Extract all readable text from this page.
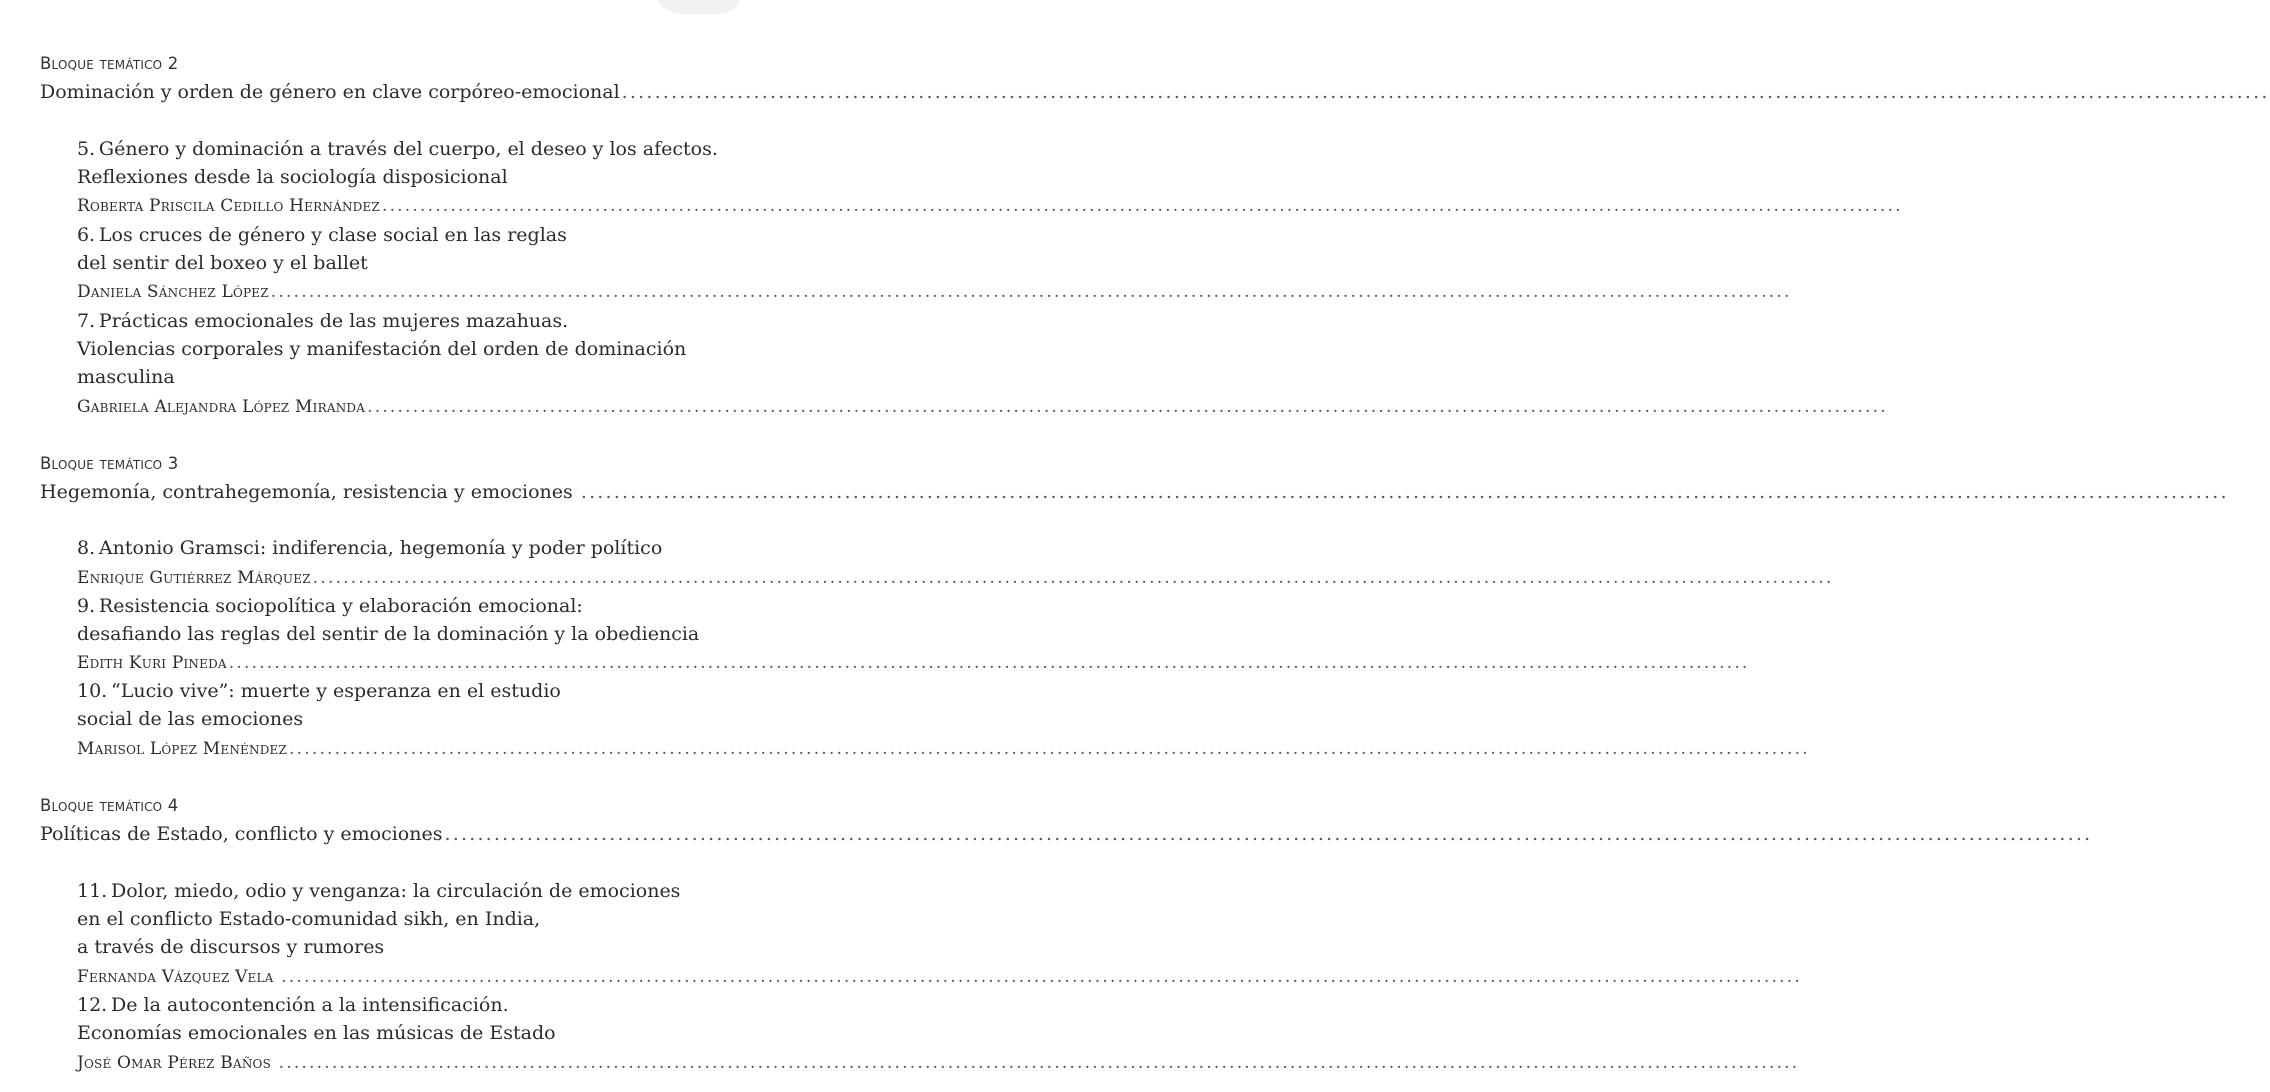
Bloque temático 2
Dominación y orden de género en clave corpóreo-emocional ........................................................................................................................................................................................................
5. Género y dominación a través del cuerpo, el deseo y los afectos.
Reflexiones desde la sociología disposicional
Roberta Priscila Cedillo Hernández ........................................................................................................................................................................................................
6. Los cruces de género y clase social en las reglas
del sentir del boxeo y el ballet
Daniela Sánchez López ........................................................................................................................................................................................................
7. Prácticas emocionales de las mujeres mazahuas.
Violencias corporales y manifestación del orden de dominación
masculina
Gabriela Alejandra López Miranda ........................................................................................................................................................................................................
Bloque temático 3
Hegemonía, contrahegemonía, resistencia y emociones ........................................................................................................................................................................................................
8. Antonio Gramsci: indiferencia, hegemonía y poder político
Enrique Gutiérrez Márquez ........................................................................................................................................................................................................
9. Resistencia sociopolítica y elaboración emocional:
desafiando las reglas del sentir de la dominación y la obediencia
Edith Kuri Pineda ........................................................................................................................................................................................................
10. “Lucio vive”: muerte y esperanza en el estudio
social de las emociones
Marisol López Menéndez ........................................................................................................................................................................................................
Bloque temático 4
Políticas de Estado, conflicto y emociones ........................................................................................................................................................................................................
11. Dolor, miedo, odio y venganza: la circulación de emociones
en el conflicto Estado-comunidad sikh, en India,
a través de discursos y rumores
Fernanda Vázquez Vela ........................................................................................................................................................................................................
12. De la autocontención a la intensificación.
Economías emocionales en las músicas de Estado
José Omar Pérez Baños ........................................................................................................................................................................................................
